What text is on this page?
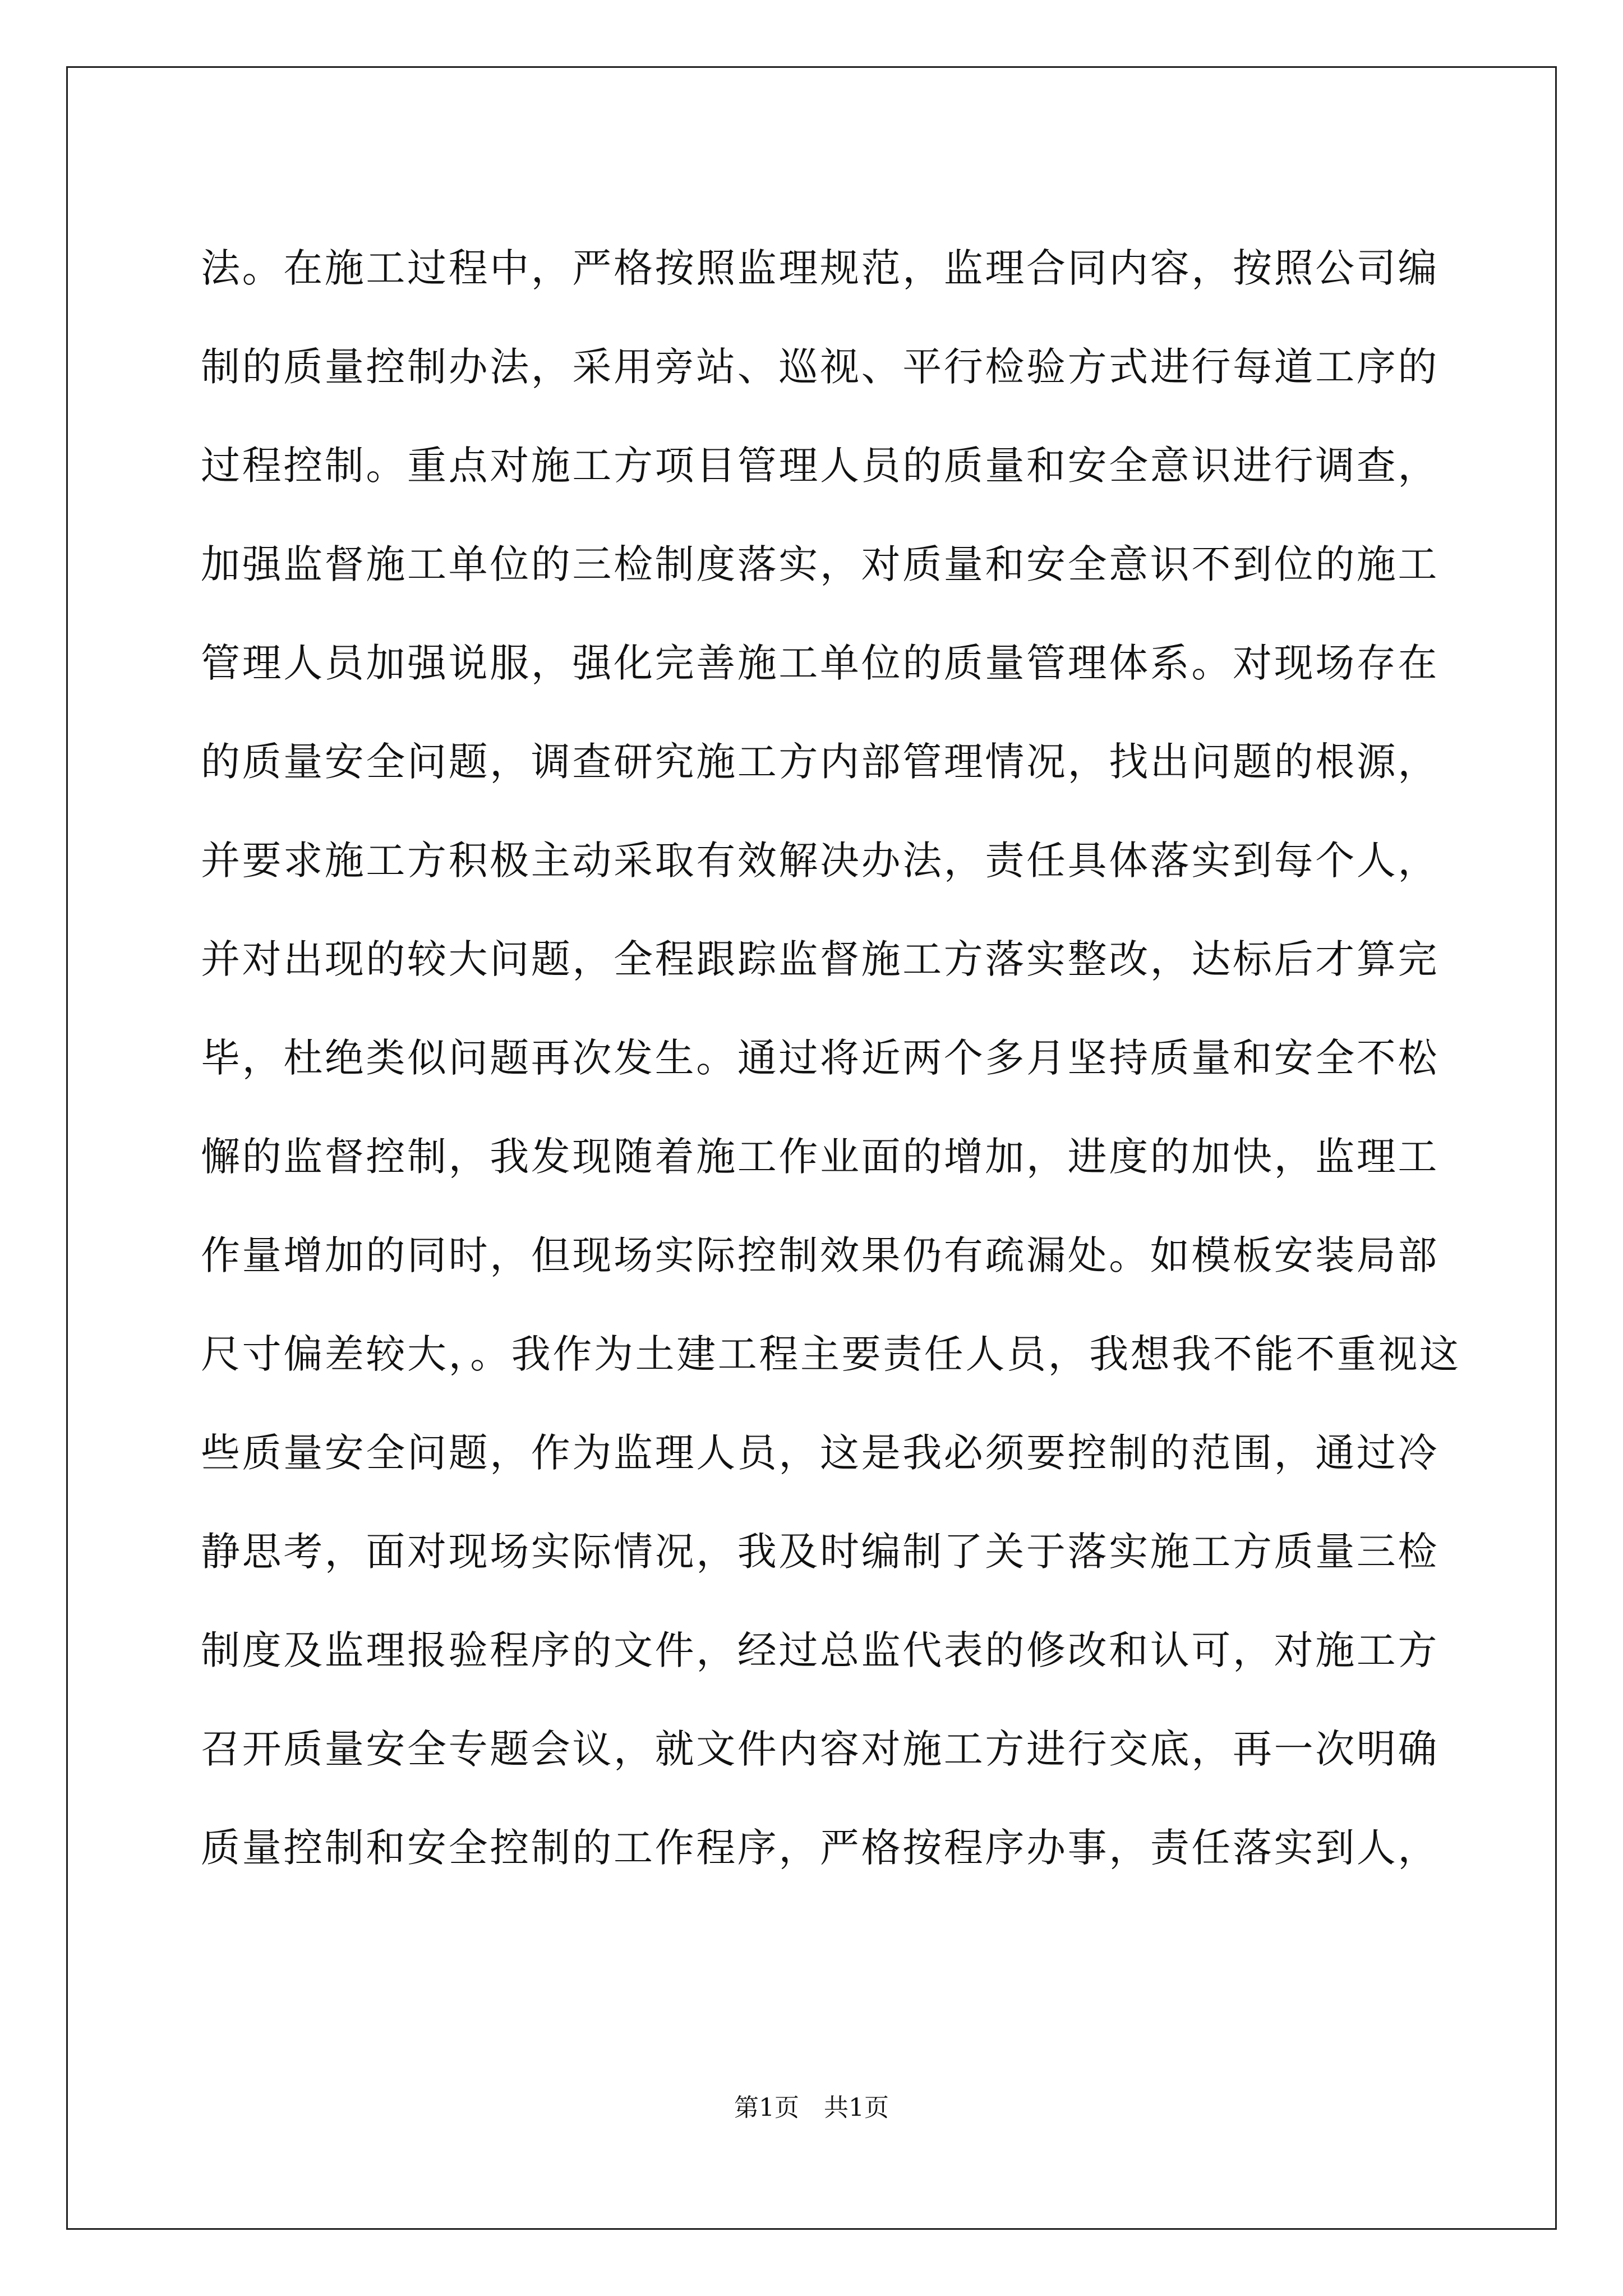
法。在施工过程中，严格按照监理规范，监理合同内容，按照公司编
制的质量控制办法，采用旁站、巡视、平行检验方式进行每道工序的
过程控制。重点对施工方项目管理人员的质量和安全意识进行调查，
加强监督施工单位的三检制度落实，对质量和安全意识不到位的施工
管理人员加强说服，强化完善施工单位的质量管理体系。对现场存在
的质量安全问题，调查研究施工方内部管理情况，找出问题的根源，
并要求施工方积极主动采取有效解决办法，责任具体落实到每个人，
并对出现的较大问题，全程跟踪监督施工方落实整改，达标后才算完
毕，杜绝类似问题再次发生。通过将近两个多月坚持质量和安全不松
懈的监督控制，我发现随着施工作业面的增加，进度的加快，监理工
作量增加的同时，但现场实际控制效果仍有疏漏处。如模板安装局部
尺寸偏差较大，。我作为土建工程主要责任人员，我想我不能不重视这
些质量安全问题，作为监理人员，这是我必须要控制的范围，通过冷
静思考，面对现场实际情况，我及时编制了关于落实施工方质量三检
制度及监理报验程序的文件，经过总监代表的修改和认可，对施工方
召开质量安全专题会议，就文件内容对施工方进行交底，再一次明确
质量控制和安全控制的工作程序，严格按程序办事，责任落实到人，
第1页 共1页
